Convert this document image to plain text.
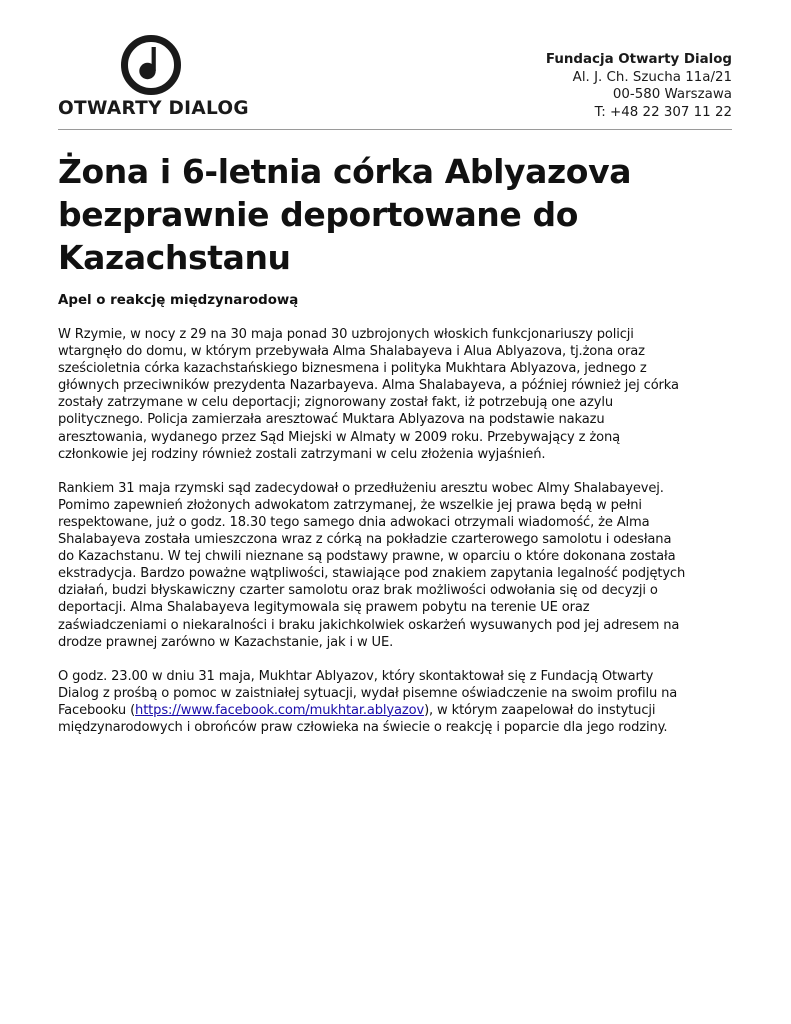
OTWARTY DIALOG
Fundacja Otwarty Dialog
Al. J. Ch. Szucha 11a/21
00-580 Warszawa
T: +48 22 307 11 22
Żona i 6-letnia córka Ablyazova
bezprawnie deportowane do
Kazachstanu
Apel o reakcję międzynarodową

W Rzymie, w nocy z 29 na 30 maja ponad 30 uzbrojonych włoskich funkcjonariuszy policji
wtargnęło do domu, w którym przebywała Alma Shalabayeva i Alua Ablyazova, tj.żona oraz
sześcioletnia córka kazachstańskiego biznesmena i polityka Mukhtara Ablyazova, jednego z
głównych przeciwników prezydenta Nazarbayeva. Alma Shalabayeva, a później również jej córka
zostały zatrzymane w celu deportacji; zignorowany został fakt, iż potrzebują one azylu
politycznego. Policja zamierzała aresztować Muktara Ablyazova na podstawie nakazu
aresztowania, wydanego przez Sąd Miejski w Almaty w 2009 roku. Przebywający z żoną
członkowie jej rodziny również zostali zatrzymani w celu złożenia wyjaśnień.

Rankiem 31 maja rzymski sąd zadecydował o przedłużeniu aresztu wobec Almy Shalabayevej.
Pomimo zapewnień złożonych adwokatom zatrzymanej, że wszelkie jej prawa będą w pełni
respektowane, już o godz. 18.30 tego samego dnia adwokaci otrzymali wiadomość, że Alma
Shalabayeva została umieszczona wraz z córką na pokładzie czarterowego samolotu i odesłana
do Kazachstanu. W tej chwili nieznane są podstawy prawne, w oparciu o które dokonana została
ekstradycja. Bardzo poważne wątpliwości, stawiające pod znakiem zapytania legalność podjętych
działań, budzi błyskawiczny czarter samolotu oraz brak możliwości odwołania się od decyzji o
deportacji. Alma Shalabayeva legitymowala się prawem pobytu na terenie UE oraz
zaświadczeniami o niekaralności i braku jakichkolwiek oskarżeń wysuwanych pod jej adresem na
drodze prawnej zarówno w Kazachstanie, jak i w UE.

O godz. 23.00 w dniu 31 maja, Mukhtar Ablyazov, który skontaktował się z Fundacją Otwarty
Dialog z prośbą o pomoc w zaistniałej sytuacji, wydał pisemne oświadczenie na swoim profilu na
Facebooku (https://www.facebook.com/mukhtar.ablyazov), w którym zaapelował do instytucji
międzynarodowych i obrońców praw człowieka na świecie o reakcję i poparcie dla jego rodziny.
